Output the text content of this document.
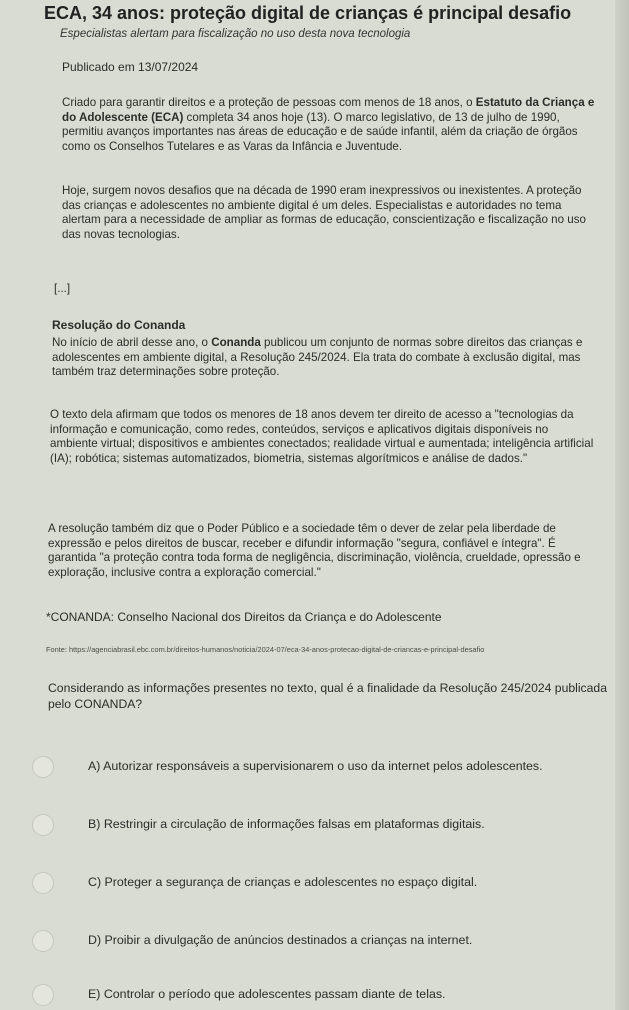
ECA, 34 anos: proteção digital de crianças é principal desafio
Especialistas alertam para fiscalização no uso desta nova tecnologia
Publicado em 13/07/2024
Criado para garantir direitos e a proteção de pessoas com menos de 18 anos, o Estatuto da Criança e do Adolescente (ECA) completa 34 anos hoje (13). O marco legislativo, de 13 de julho de 1990, permitiu avanços importantes nas áreas de educação e de saúde infantil, além da criação de órgãos como os Conselhos Tutelares e as Varas da Infância e Juventude.
Hoje, surgem novos desafios que na década de 1990 eram inexpressivos ou inexistentes. A proteção das crianças e adolescentes no ambiente digital é um deles. Especialistas e autoridades no tema alertam para a necessidade de ampliar as formas de educação, conscientização e fiscalização no uso das novas tecnologias.
[...]
Resolução do Conanda
No início de abril desse ano, o Conanda publicou um conjunto de normas sobre direitos das crianças e adolescentes em ambiente digital, a Resolução 245/2024. Ela trata do combate à exclusão digital, mas também traz determinações sobre proteção.
O texto dela afirmam que todos os menores de 18 anos devem ter direito de acesso a "tecnologias da informação e comunicação, como redes, conteúdos, serviços e aplicativos digitais disponíveis no ambiente virtual; dispositivos e ambientes conectados; realidade virtual e aumentada; inteligência artificial (IA); robótica; sistemas automatizados, biometria, sistemas algorítmicos e análise de dados."
A resolução também diz que o Poder Público e a sociedade têm o dever de zelar pela liberdade de expressão e pelos direitos de buscar, receber e difundir informação "segura, confiável e íntegra". É garantida "a proteção contra toda forma de negligência, discriminação, violência, crueldade, opressão e exploração, inclusive contra a exploração comercial."
*CONANDA: Conselho Nacional dos Direitos da Criança e do Adolescente
Fonte: https://agenciabrasil.ebc.com.br/direitos-humanos/noticia/2024-07/eca-34-anos-protecao-digital-de-criancas-e-principal-desafio
Considerando as informações presentes no texto, qual é a finalidade da Resolução 245/2024 publicada pelo CONANDA?
A) Autorizar responsáveis a supervisionarem o uso da internet pelos adolescentes.
B) Restringir a circulação de informações falsas em plataformas digitais.
C) Proteger a segurança de crianças e adolescentes no espaço digital.
D) Proibir a divulgação de anúncios destinados a crianças na internet.
E) Controlar o período que adolescentes passam diante de telas.
